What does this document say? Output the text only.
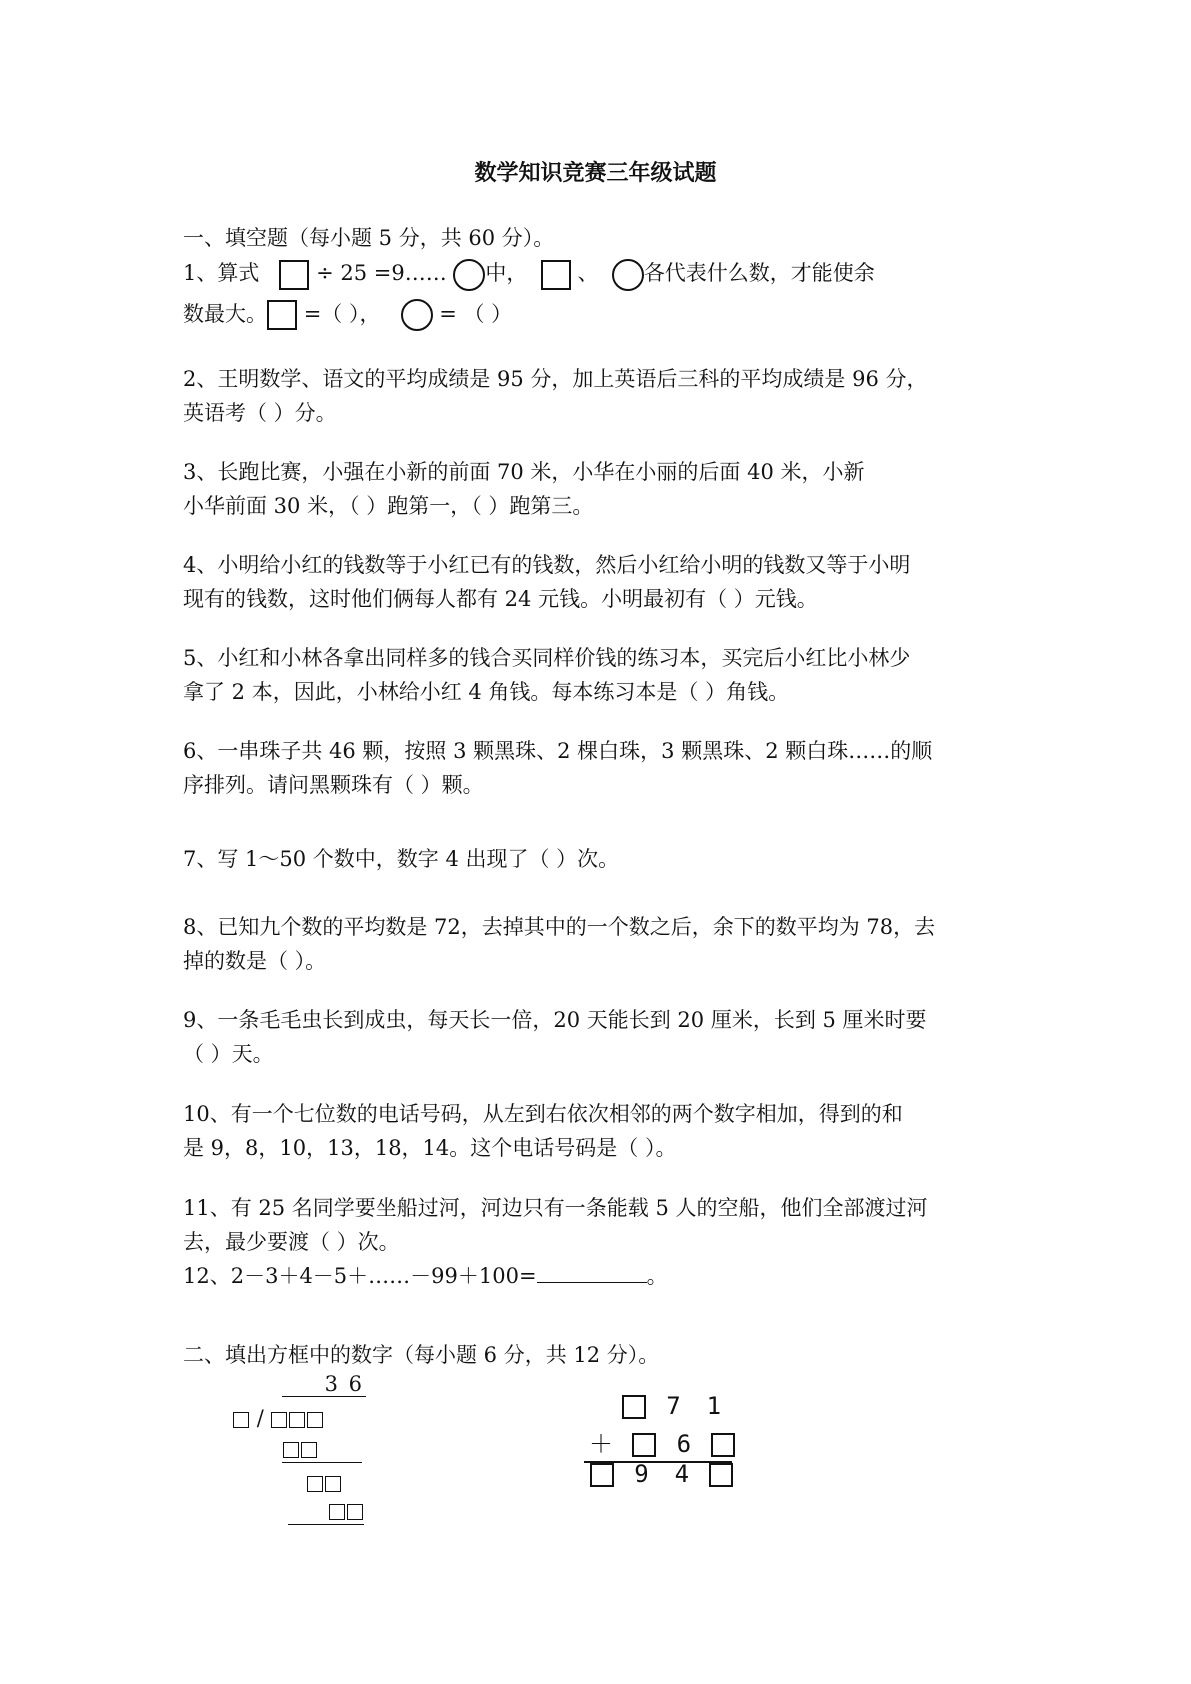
数学知识竞赛三年级试题
一、填空题（每小题 5 分，共 60 分）。
1、算式	÷ 25 =9…… 中， 、 各代表什么数，才能使余
数最大。 =（ ），	= （ ）
2、王明数学、语文的平均成绩是 95 分，加上英语后三科的平均成绩是 96 分，
英语考（ ）分。
3、长跑比赛，小强在小新的前面 70 米，小华在小丽的后面 40 米，小新
小华前面 30 米，（ ）跑第一，（ ）跑第三。
4、小明给小红的钱数等于小红已有的钱数，然后小红给小明的钱数又等于小明
现有的钱数，这时他们俩每人都有 24 元钱。小明最初有（ ）元钱。
5、小红和小林各拿出同样多的钱合买同样价钱的练习本，买完后小红比小林少
拿了 2 本，因此，小林给小红 4 角钱。每本练习本是（ ）角钱。
6、一串珠子共 46 颗，按照 3 颗黑珠、2 棵白珠，3 颗黑珠、2 颗白珠……的顺
序排列。请问黑颗珠有（ ）颗。
7、写 1～50 个数中，数字 4 出现了（ ）次。
8、已知九个数的平均数是 72，去掉其中的一个数之后，余下的数平均为 78，去
掉的数是（ ）。
9、一条毛毛虫长到成虫，每天长一倍，20 天能长到 20 厘米，长到 5 厘米时要
（ ）天。
10、有一个七位数的电话号码，从左到右依次相邻的两个数字相加，得到的和
是 9，8，10，13，18，14。这个电话号码是（ ）。
11、有 25 名同学要坐船过河，河边只有一条能载 5 人的空船，他们全部渡过河
去，最少要渡（ ）次。
12、2－3＋4－5＋……－99＋100=	。
二、填出方框中的数字（每小题 6 分，共 12 分）。
3 6
/	7 1
＋	6
9 4
